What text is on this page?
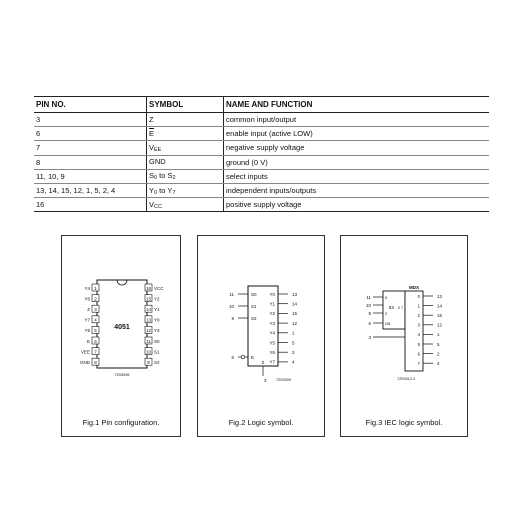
PIN NO.	SYMBOL	NAME AND FUNCTION
3	Z	common input/output
6	$\overline{E}$	enable input (active LOW)
7	$V_{EE}$	negative supply voltage
8	GND	ground (0 V)
11, 10, 9	$S_0$ to $S_2$	select inputs
13, 14, 15, 12, 1, 5, 2, 4	$Y_0$ to $Y_7$	independent inputs/outputs
16	$V_{CC}$	positive supply voltage
4051
1
Y4
2
Y6
3
Z
4
Y7
5
Y5
6
E
7
VEE
8
GND
16 VCC
15 Y2
14 Y1
13 Y0
12 Y3
11 S0
10 S1
9 S2
7Z93096
Fig.1 Pin configuration.
11	S0
10	S1
9	S2
6	E
Y0	13
Y1	14
Y2	15
Y3	12
Y4	1
Y5	5
Y6	2
Y7	4
Z
3 7Z93099
Fig.2 Logic symbol.
MDX
11	0
10
9	2
6	G8
8X 0 7
3
0	13
1	14
2	15
3	12
4	1
5	5
6	2
7	4
7Z93312.2
Fig.3 IEC logic symbol.
